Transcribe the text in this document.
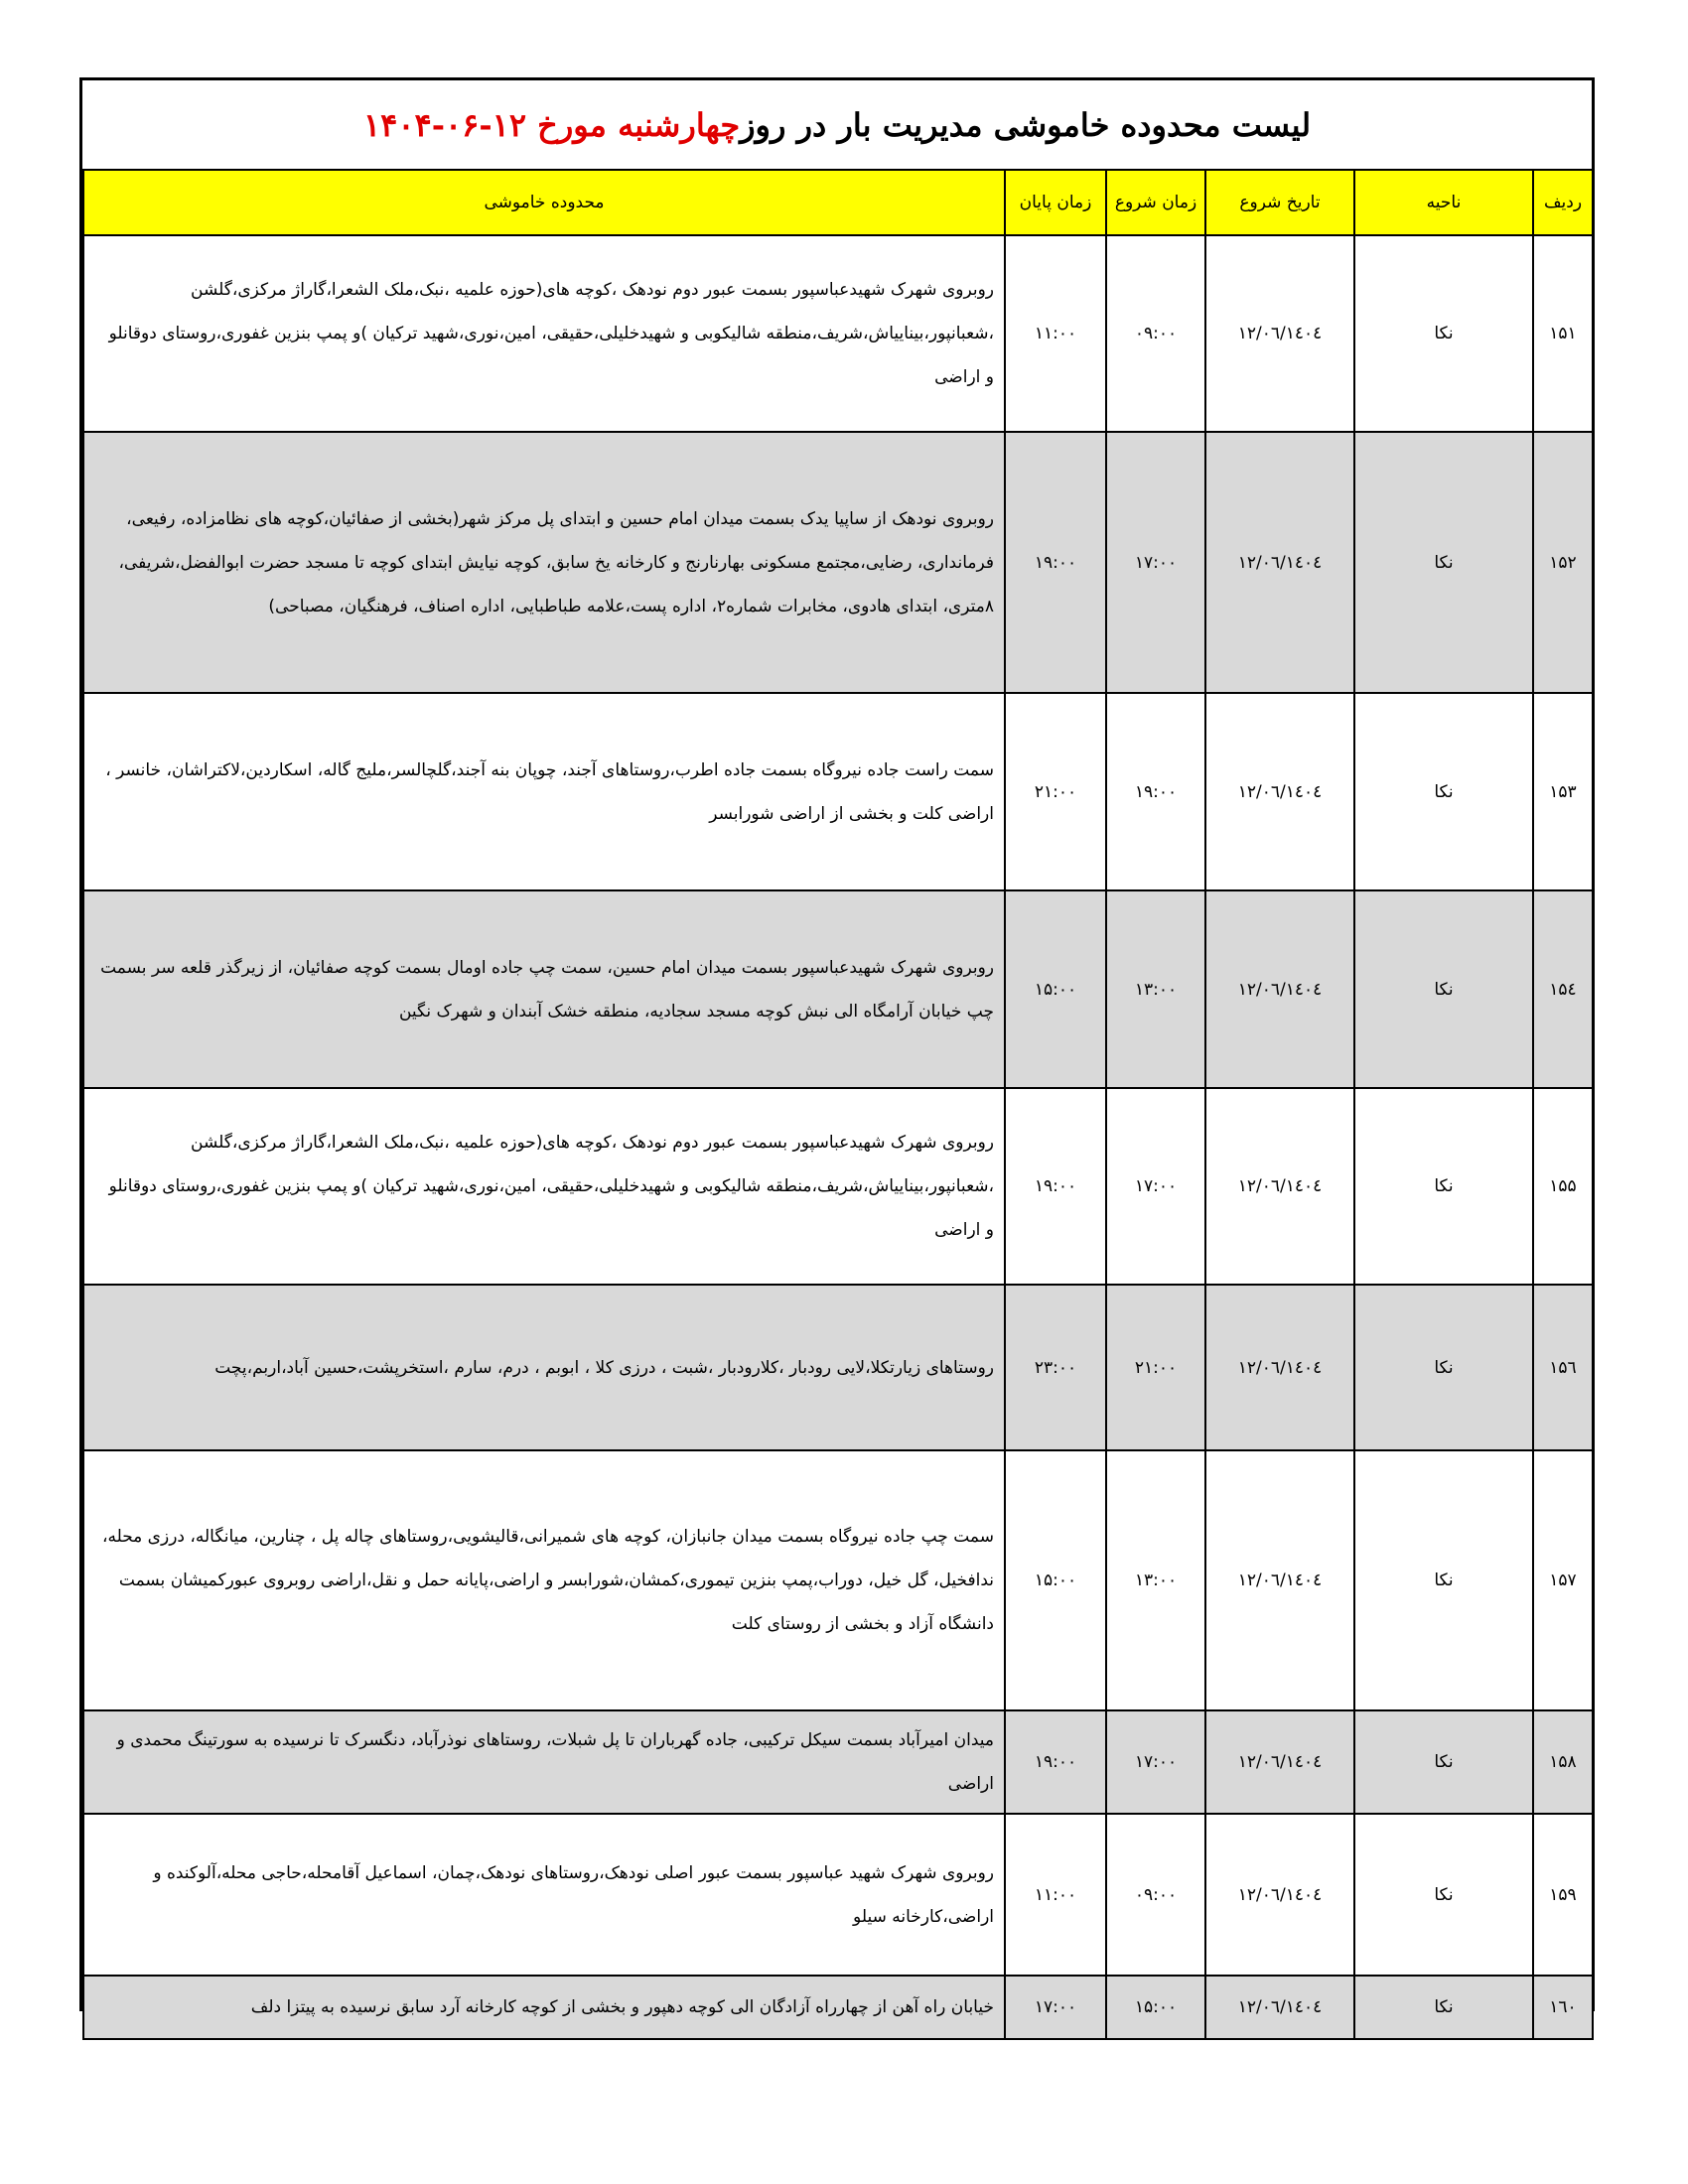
لیست محدوده خاموشی مدیریت بار در روز
چهارشنبه مورخ ۱۲-۰۶-۱۴۰۴
ردیف	ناحیه	تاریخ شروع	زمان شروع	زمان پایان	محدوده خاموشی
۱۵۱	نکا	۱٤۰٤/۰٦/۱۲	۰۹:۰۰	۱۱:۰۰	روبروی شهرک شهیدعباسپور بسمت عبور دوم نودهک ،کوچه های(حوزه علمیه ،نبک،ملک الشعرا،گاراژ مرکزی،گلشن ،شعبانپور،بیناییاش،شریف،منطقه شالیکوبی و شهیدخلیلی،حقیقی، امین،نوری،شهید ترکیان )و پمپ بنزین غفوری،روستای دوقانلو و اراضی
۱۵۲	نکا	۱٤۰٤/۰٦/۱۲	۱۷:۰۰	۱۹:۰۰	روبروی نودهک از ساپیا یدک بسمت میدان امام حسین و ابتدای پل مرکز شهر(بخشی از صفائیان،کوچه های نظامزاده، رفیعی، فرمانداری، رضایی،مجتمع مسکونی بهارنارنج و کارخانه یخ سابق، کوچه نیایش ابتدای کوچه تا مسجد حضرت ابوالفضل،شریفی، ۸متری، ابتدای هادوی، مخابرات شماره۲، اداره پست،علامه طباطبایی، اداره اصناف، فرهنگیان، مصباحی)
۱۵۳	نکا	۱٤۰٤/۰٦/۱۲	۱۹:۰۰	۲۱:۰۰	سمت راست جاده نیروگاه بسمت جاده اطرب،روستاهای آجند، چوپان بنه آجند،گلچالسر،ملیج گاله، اسکاردین،لاکتراشان، خانسر ، اراضی کلت و بخشی از اراضی شورابسر
۱۵٤	نکا	۱٤۰٤/۰٦/۱۲	۱۳:۰۰	۱۵:۰۰	روبروی شهرک شهیدعباسپور بسمت میدان امام حسین، سمت چپ جاده اومال بسمت کوچه صفائیان، از زیرگذر قلعه سر بسمت چپ خیابان آرامگاه الی نبش کوچه مسجد سجادیه، منطقه خشک آبندان و شهرک نگین
۱۵۵	نکا	۱٤۰٤/۰٦/۱۲	۱۷:۰۰	۱۹:۰۰	روبروی شهرک شهیدعباسپور بسمت عبور دوم نودهک ،کوچه های(حوزه علمیه ،نبک،ملک الشعرا،گاراژ مرکزی،گلشن ،شعبانپور،بیناییاش،شریف،منطقه شالیکوبی و شهیدخلیلی،حقیقی، امین،نوری،شهید ترکیان )و پمپ بنزین غفوری،روستای دوقانلو و اراضی
۱۵٦	نکا	۱٤۰٤/۰٦/۱۲	۲۱:۰۰	۲۳:۰۰	روستاهای زیارتکلا،لایی رودبار ،کلارودبار ،شبت ، درزی کلا ، ابوبم ، درم، سارم ،استخرپشت،حسین آباد،اربم،پچت
۱۵۷	نکا	۱٤۰٤/۰٦/۱۲	۱۳:۰۰	۱۵:۰۰	سمت چپ جاده نیروگاه بسمت میدان جانبازان، کوچه های شمیرانی،قالیشویی،روستاهای چاله پل ، چنارین، میانگاله، درزی محله، ندافخیل، گل خیل، دوراب،پمپ بنزین تیموری،کمشان،شورابسر و اراضی،پایانه حمل و نقل،اراضی روبروی عبورکمیشان بسمت دانشگاه آزاد و بخشی از روستای کلت
۱۵۸	نکا	۱٤۰٤/۰٦/۱۲	۱۷:۰۰	۱۹:۰۰	میدان امیرآباد بسمت سیکل ترکیبی، جاده گهرباران تا پل شبلات، روستاهای نوذرآباد، دنگسرک تا نرسیده به سورتینگ محمدی و اراضی
۱۵۹	نکا	۱٤۰٤/۰٦/۱۲	۰۹:۰۰	۱۱:۰۰	روبروی شهرک شهید عباسپور بسمت عبور اصلی نودهک،روستاهای نودهک،چمان، اسماعیل آقامحله،حاجی محله،آلوکنده و اراضی،کارخانه سیلو
۱٦۰	نکا	۱٤۰٤/۰٦/۱۲	۱۵:۰۰	۱۷:۰۰	خیابان راه آهن از چهارراه آزادگان الی کوچه دهپور و بخشی از کوچه کارخانه آرد سابق نرسیده به پیتزا دلف
